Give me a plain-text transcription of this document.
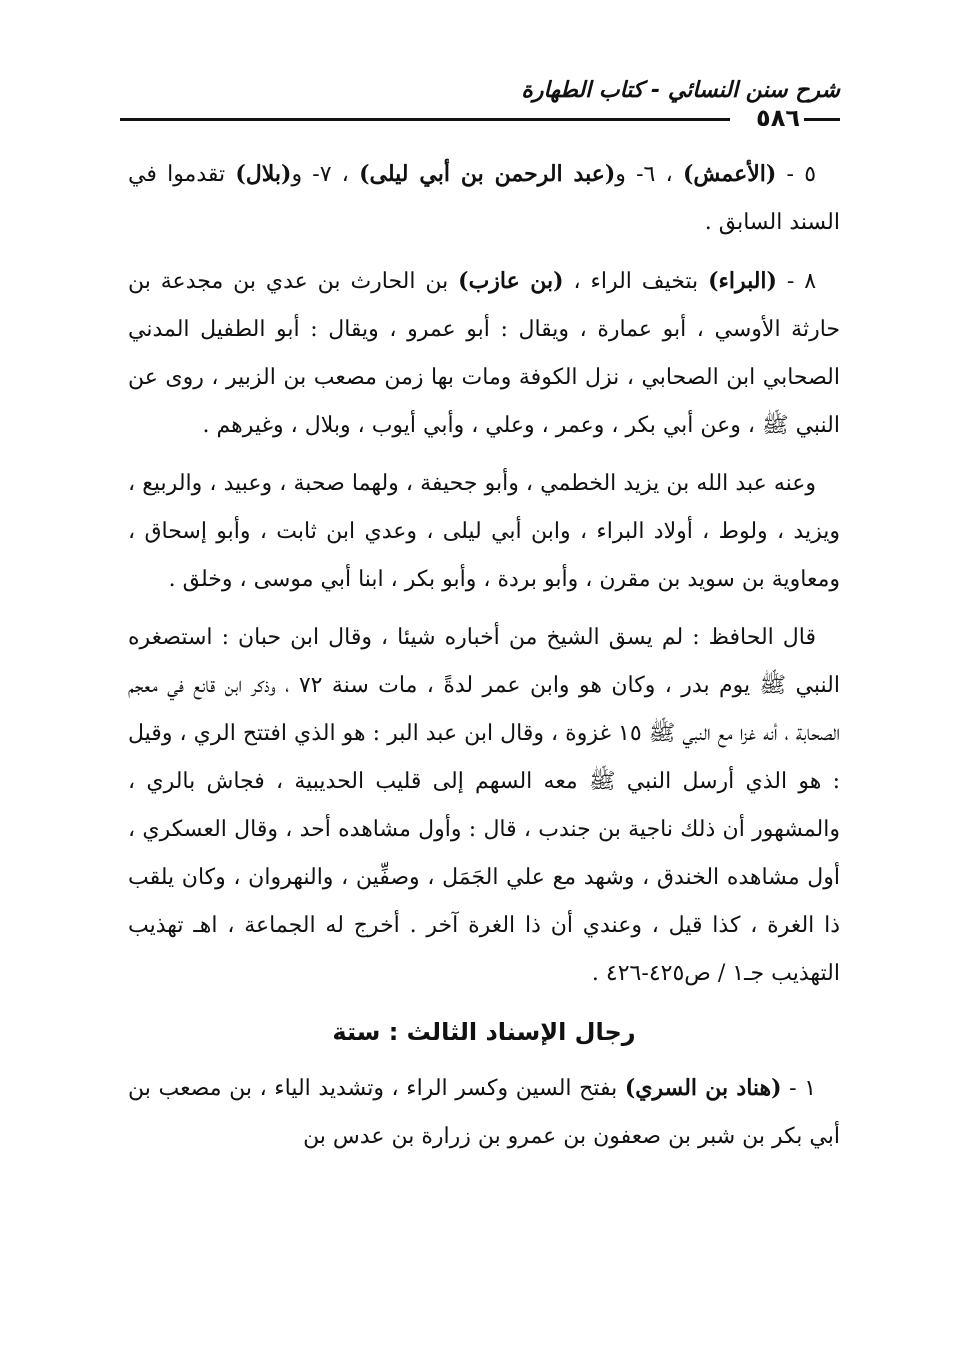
شرح سنن النسائي - كتاب الطهارة
٥٨٦

٥ - (الأعمش) ، ٦- و(عبد الرحمن بن أبي ليلى) ، ٧- و(بلال) تقدموا في السند السابق .

٨ - (البراء) بتخيف الراء ، (بن عازب) بن الحارث بن عدي بن مجدعة بن حارثة الأوسي ، أبو عمارة ، ويقال : أبو عمرو ، ويقال : أبو الطفيل المدني الصحابي ابن الصحابي ، نزل الكوفة ومات بها زمن مصعب بن الزبير ، روى عن النبي ﷺ ، وعن أبي بكر ، وعمر ، وعلي ، وأبي أيوب ، وبلال ، وغيرهم .

وعنه عبد الله بن يزيد الخطمي ، وأبو جحيفة ، ولهما صحبة ، وعبيد ، والربيع ، ويزيد ، ولوط ، أولاد البراء ، وابن أبي ليلى ، وعدي ابن ثابت ، وأبو إسحاق ، ومعاوية بن سويد بن مقرن ، وأبو بردة ، وأبو بكر ، ابنا أبي موسى ، وخلق .

قال الحافظ : لم يسق الشيخ من أخباره شيئا ، وقال ابن حبان : استصغره النبي ﷺ يوم بدر ، وكان هو وابن عمر لدةً ، مات سنة ٧٢ ، وذكر ابن قانع في معجم الصحابة ، أنه غزا مع النبي ﷺ ١٥ غزوة ، وقال ابن عبد البر : هو الذي افتتح الري ، وقيل : هو الذي أرسل النبي ﷺ معه السهم إلى قليب الحديبية ، فجاش بالري ، والمشهور أن ذلك ناجية بن جندب ، قال : وأول مشاهده أحد ، وقال العسكري ، أول مشاهده الخندق ، وشهد مع علي الجَمَل ، وصفِّين ، والنهروان ، وكان يلقب ذا الغرة ، كذا قيل ، وعندي أن ذا الغرة آخر . أخرج له الجماعة ، اهـ تهذيب التهذيب جـ١ / ص٤٢٥-٤٢٦ .

رجال الإسناد الثالث : ستة

١ - (هناد بن السري) بفتح السين وكسر الراء ، وتشديد الياء ، بن مصعب بن أبي بكر بن شبر بن صعفون بن عمرو بن زرارة بن عدس بن
